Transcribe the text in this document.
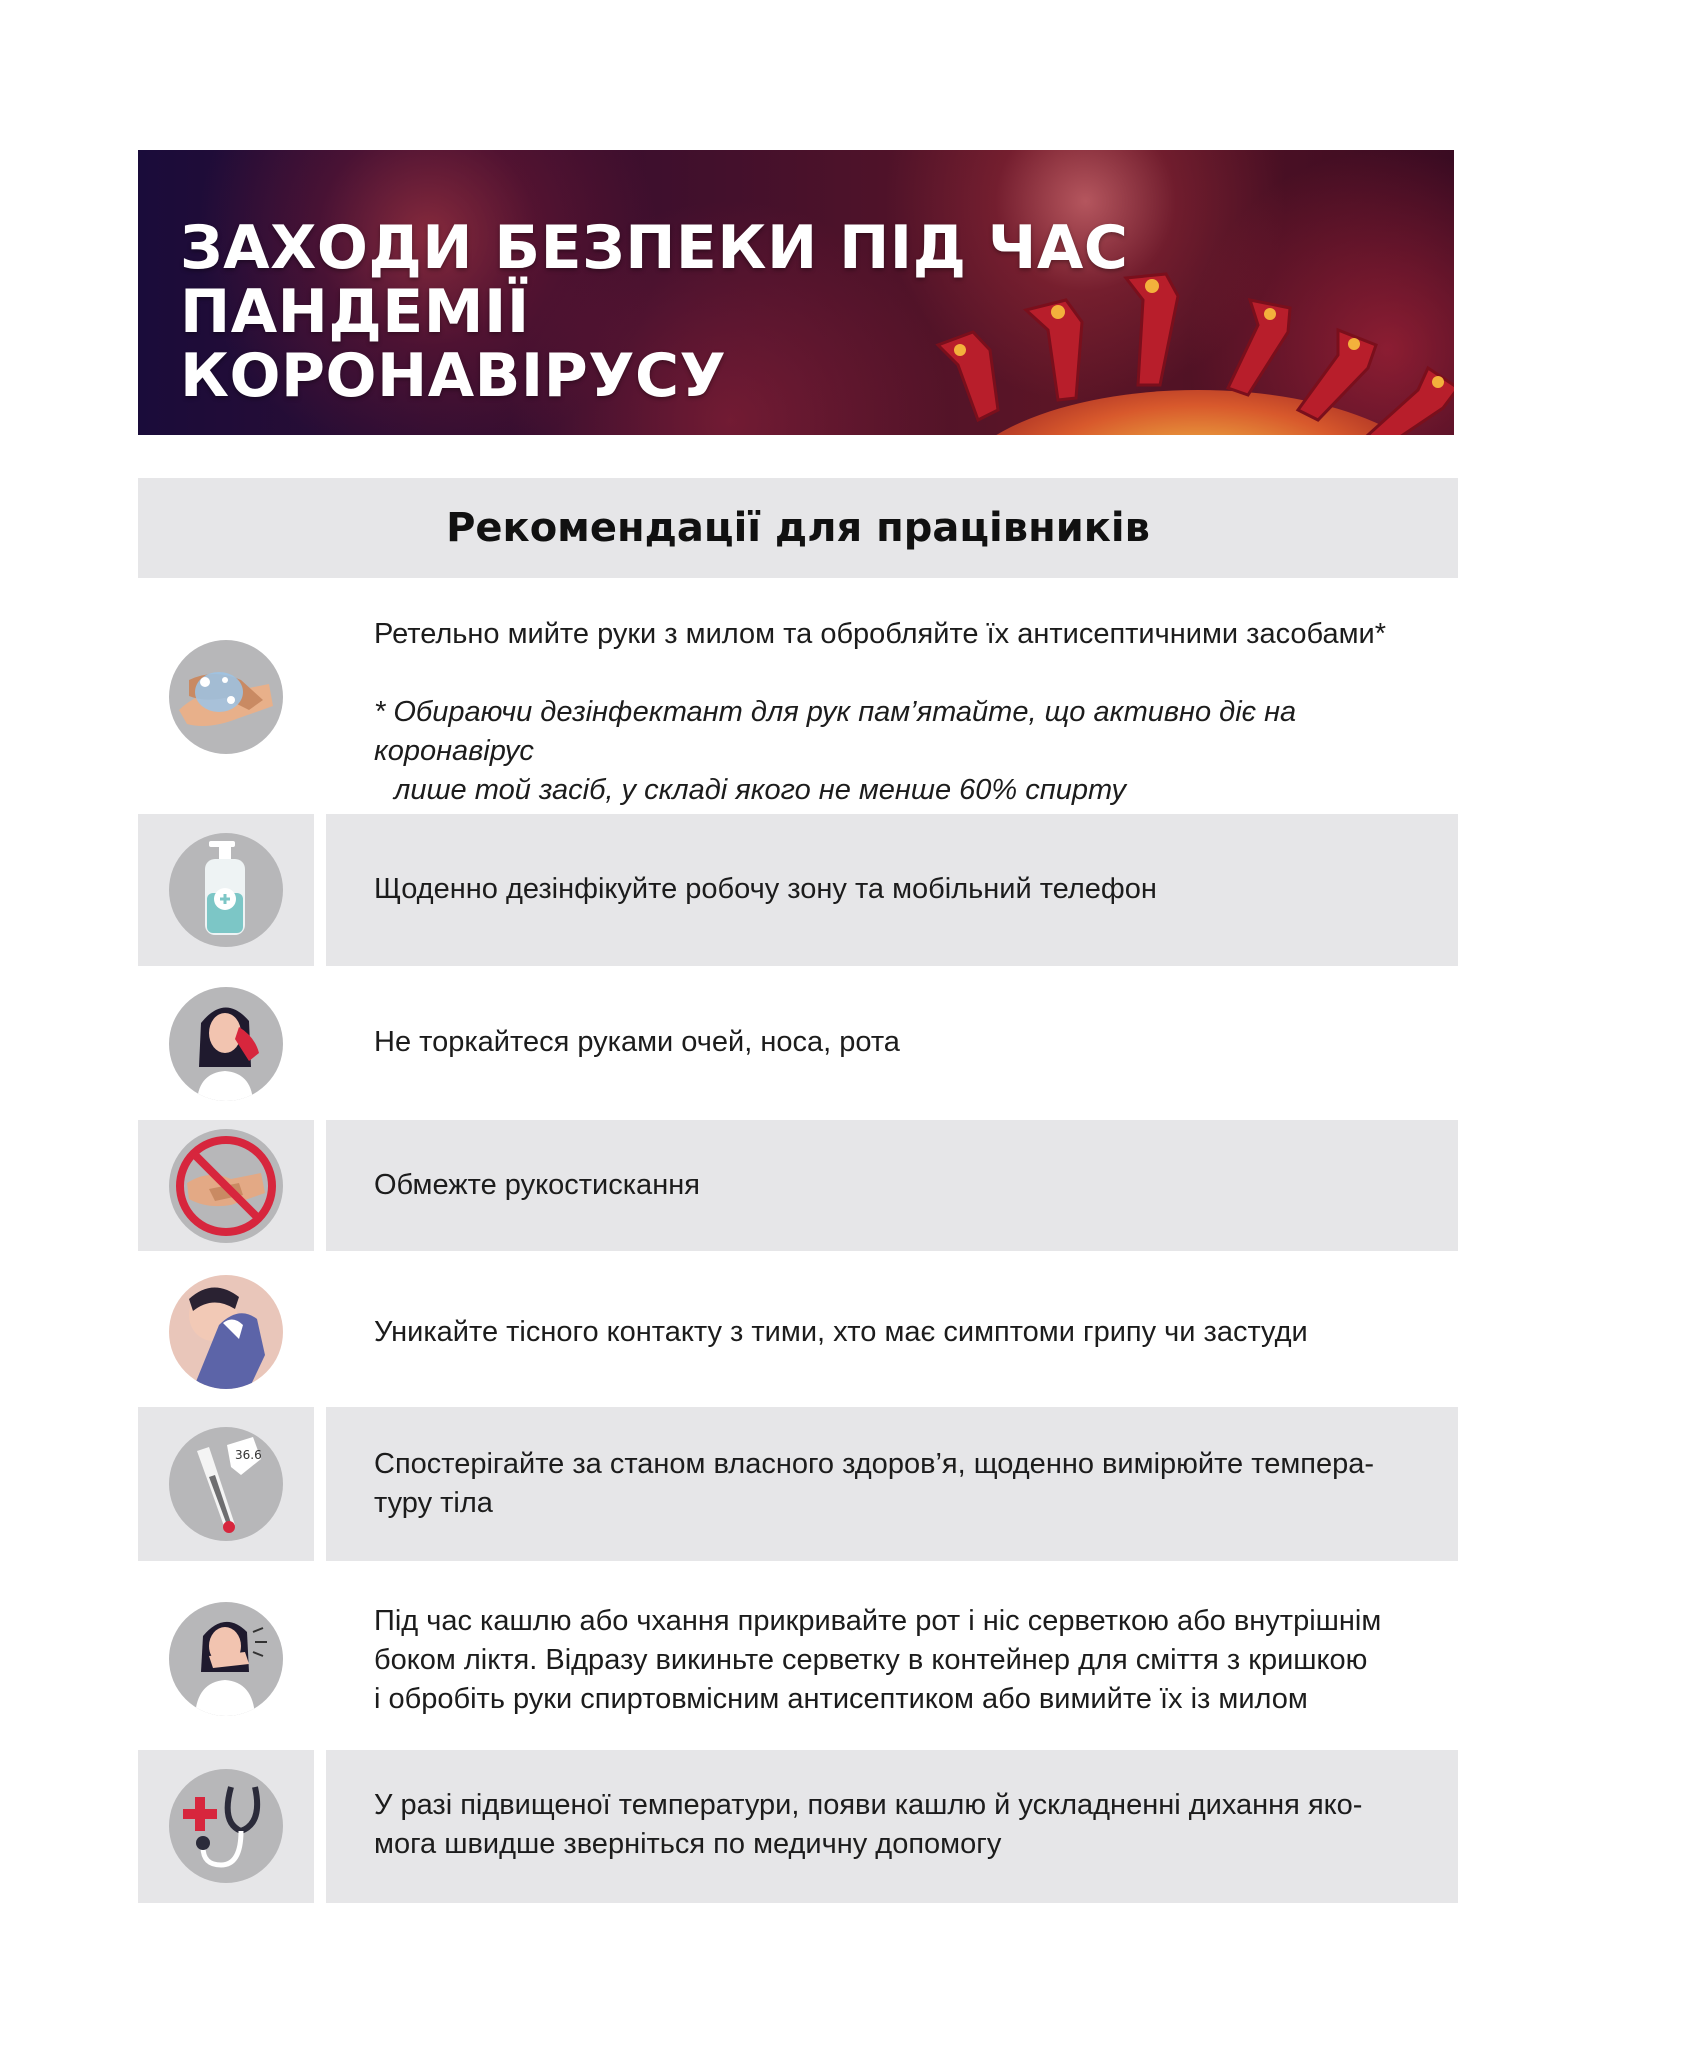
ЗАХОДИ БЕЗПЕКИ ПІД ЧАС ПАНДЕМІЇ
КОРОНАВІРУСУ
Рекомендації для працівників
Ретельно мийте руки з милом та обробляйте їх антисептичними засобами*
* Обираючи дезінфектант для рук пам’ятайте, що активно діє на коронавірус
лише той засіб, у складі якого не менше 60% спирту
Щоденно дезінфікуйте робочу зону та мобільний телефон
Не торкайтеся руками очей, носа, рота
Обмежте рукостискання
Уникайте тісного контакту з тими, хто має симптоми грипу чи застуди
36.6	Спостерігайте за станом власного здоров’я, щоденно вимірюйте темпера-
туру тіла
Під час кашлю або чхання прикривайте рот і ніс серветкою або внутрішнім
боком ліктя. Відразу викиньте серветку в контейнер для сміття з кришкою
і обробіть руки спиртовмісним антисептиком або вимийте їх із милом
У разі підвищеної температури, появи кашлю й ускладненні дихання яко-
мога швидше зверніться по медичну допомогу
